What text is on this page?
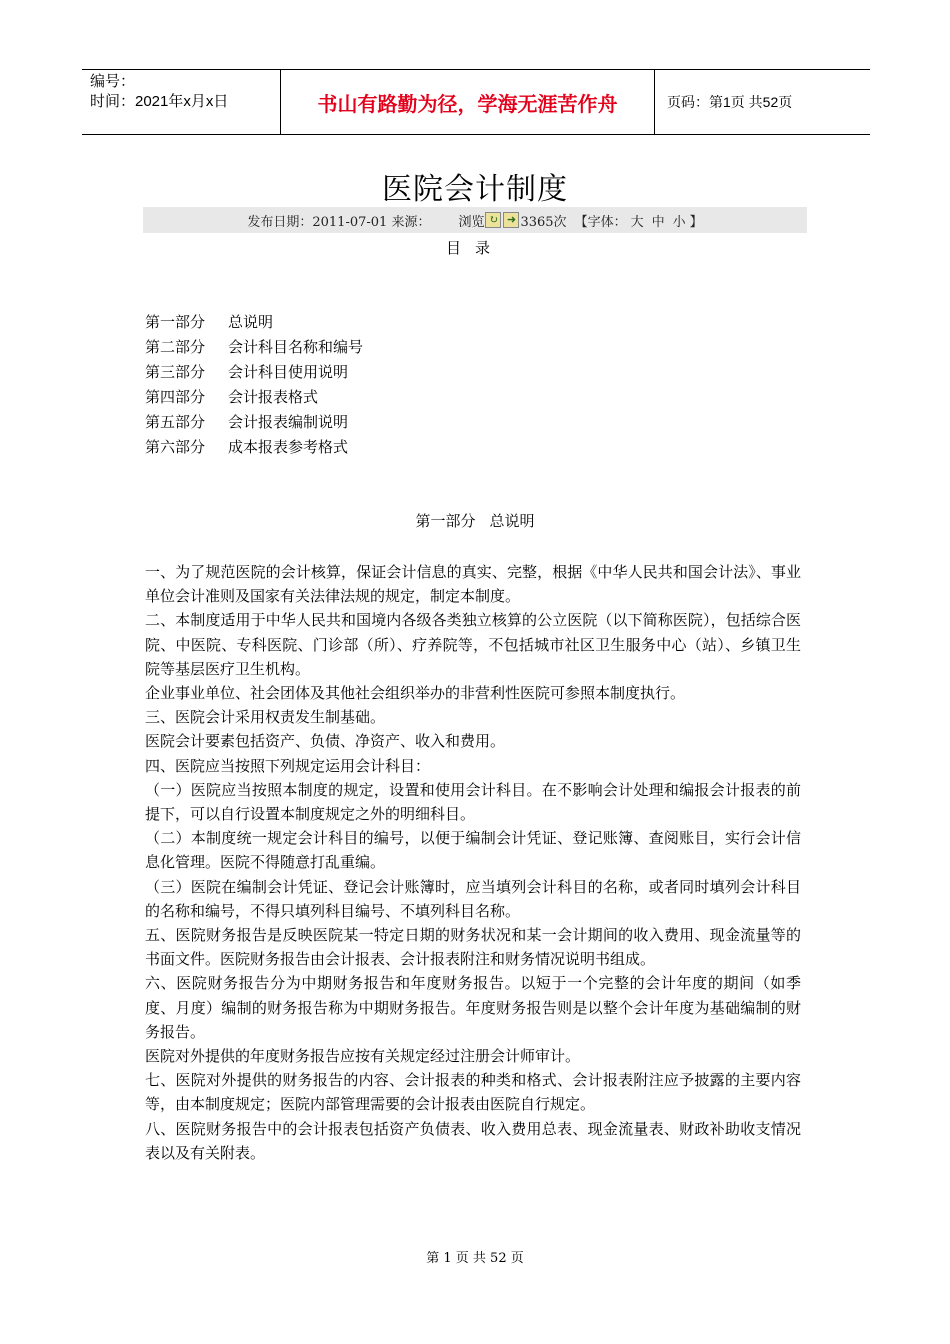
编号：
时间：2021年x月x日	书山有路勤为径，学海无涯苦作舟	页码：第1页 共52页
医院会计制度
发布日期：2011-07-01 来源： 浏览 ↻ ➜ 3365次 【字体： 大 中 小 】
目录
第一部分 总说明
第二部分 会计科目名称和编号
第三部分 会计科目使用说明
第四部分 会计报表格式
第五部分 会计报表编制说明
第六部分 成本报表参考格式
第一部分 总说明

一、为了规范医院的会计核算，保证会计信息的真实、完整，根据《中华人民共和国会计法》、事业单位会计准则及国家有关法律法规的规定，制定本制度。

二、本制度适用于中华人民共和国境内各级各类独立核算的公立医院（以下简称医院），包括综合医院、中医院、专科医院、门诊部（所）、疗养院等，不包括城市社区卫生服务中心（站）、乡镇卫生院等基层医疗卫生机构。

企业事业单位、社会团体及其他社会组织举办的非营利性医院可参照本制度执行。

三、医院会计采用权责发生制基础。

医院会计要素包括资产、负债、净资产、收入和费用。

四、医院应当按照下列规定运用会计科目：

（一）医院应当按照本制度的规定，设置和使用会计科目。在不影响会计处理和编报会计报表的前提下，可以自行设置本制度规定之外的明细科目。

（二）本制度统一规定会计科目的编号，以便于编制会计凭证、登记账簿、查阅账目，实行会计信息化管理。医院不得随意打乱重编。

（三）医院在编制会计凭证、登记会计账簿时，应当填列会计科目的名称，或者同时填列会计科目的名称和编号，不得只填列科目编号、不填列科目名称。

五、医院财务报告是反映医院某一特定日期的财务状况和某一会计期间的收入费用、现金流量等的书面文件。医院财务报告由会计报表、会计报表附注和财务情况说明书组成。

六、医院财务报告分为中期财务报告和年度财务报告。以短于一个完整的会计年度的期间（如季度、月度）编制的财务报告称为中期财务报告。年度财务报告则是以整个会计年度为基础编制的财务报告。

医院对外提供的年度财务报告应按有关规定经过注册会计师审计。

七、医院对外提供的财务报告的内容、会计报表的种类和格式、会计报表附注应予披露的主要内容等，由本制度规定；医院内部管理需要的会计报表由医院自行规定。

八、医院财务报告中的会计报表包括资产负债表、收入费用总表、现金流量表、财政补助收支情况表以及有关附表。

第 1 页 共 52 页
